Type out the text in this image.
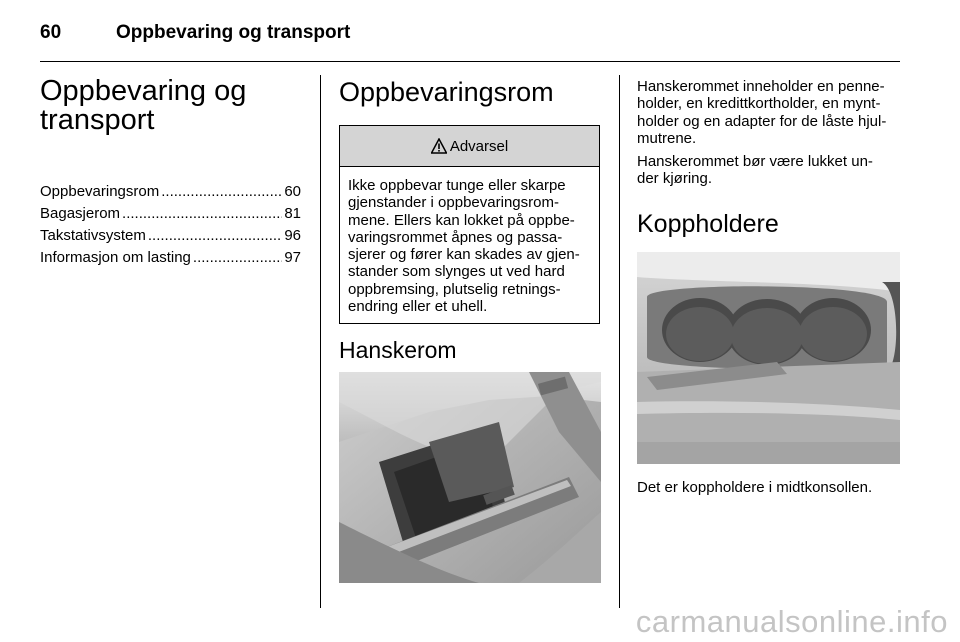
60	Oppbevaring og transport
Oppbevaring og
transport
Oppbevaringsrom .....	60
Bagasjerom .....	81
Takstativsystem .....	96
Informasjon om lasting .....	97
Oppbevaringsrom
Advarsel
Ikke oppbevar tunge eller skarpe
gjenstander i oppbevaringsrom-
mene. Ellers kan lokket på oppbe-
varingsrommet åpnes og passa-
sjerer og fører kan skades av gjen-
stander som slynges ut ved hard
oppbremsing, plutselig retnings-
endring eller et uhell.
Hanskerom

Hanskerommet inneholder en penne-
holder, en kredittkortholder, en mynt-
holder og en adapter for de låste hjul-
mutrene.

Hanskerommet bør være lukket un-
der kjøring.

Koppholdere

Det er koppholdere i midtkonsollen.

carmanualsonline.info
